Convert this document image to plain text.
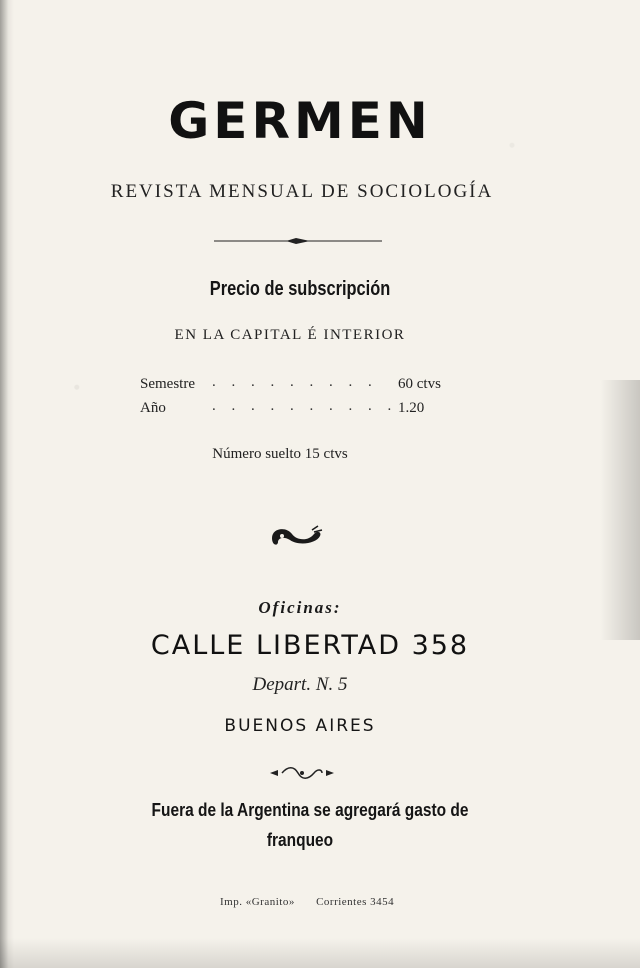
GERMEN
REVISTA MENSUAL DE SOCIOLOGÍA
Precio de subscripción
EN LA CAPITAL É INTERIOR
Semestre . . . . . . . . . 60 ctvs
Año	. . . . . . . . . . 1.20
Número suelto 15 ctvs
Oficinas:
CALLE LIBERTAD 358
Depart. N. 5
BUENOS AIRES
Fuera de la Argentina se agregará gasto de
franqueo
Imp. «Granito» Corrientes 3454
